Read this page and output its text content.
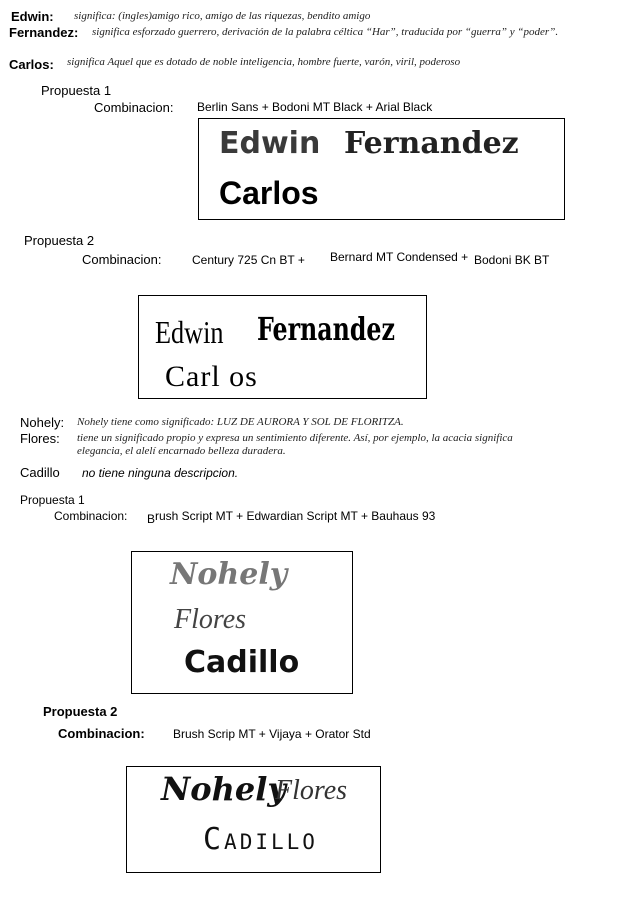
Edwin: significa: (ingles)amigo rico, amigo de las riquezas, bendito amigo
Fernandez: significa esforzado guerrero, derivación de la palabra céltica “Har”, traducida por “guerra” y “poder”.
Carlos: significa Aquel que es dotado de noble inteligencia, hombre fuerte, varón, viril, poderoso
Propuesta 1
Combinacion: Berlin Sans + Bodoni MT Black + Arial Black
Edwin Fernandez
Carlos
Propuesta 2
Combinacion:	Century 725 Cn BT + Bernard MT Condensed + Bodoni BK BT
Edwin Fernandez
Carl os
Nohely: Nohely tiene como significado: LUZ DE AURORA Y SOL DE FLORITZA.
Flores: tiene un significado propio y expresa un sentimiento diferente. Así, por ejemplo, la acacia significa elegancia, el alelí encarnado belleza duradera.
Cadillo no tiene ninguna descripcion.
Propuesta 1
Combinacion: B rush Script MT + Edwardian Script MT + Bauhaus 93
Nohely
Flores
Cadillo
Propuesta 2
Combinacion: Brush Scrip MT + Vijaya + Orator Std
Nohely
Flores
Cadillo
